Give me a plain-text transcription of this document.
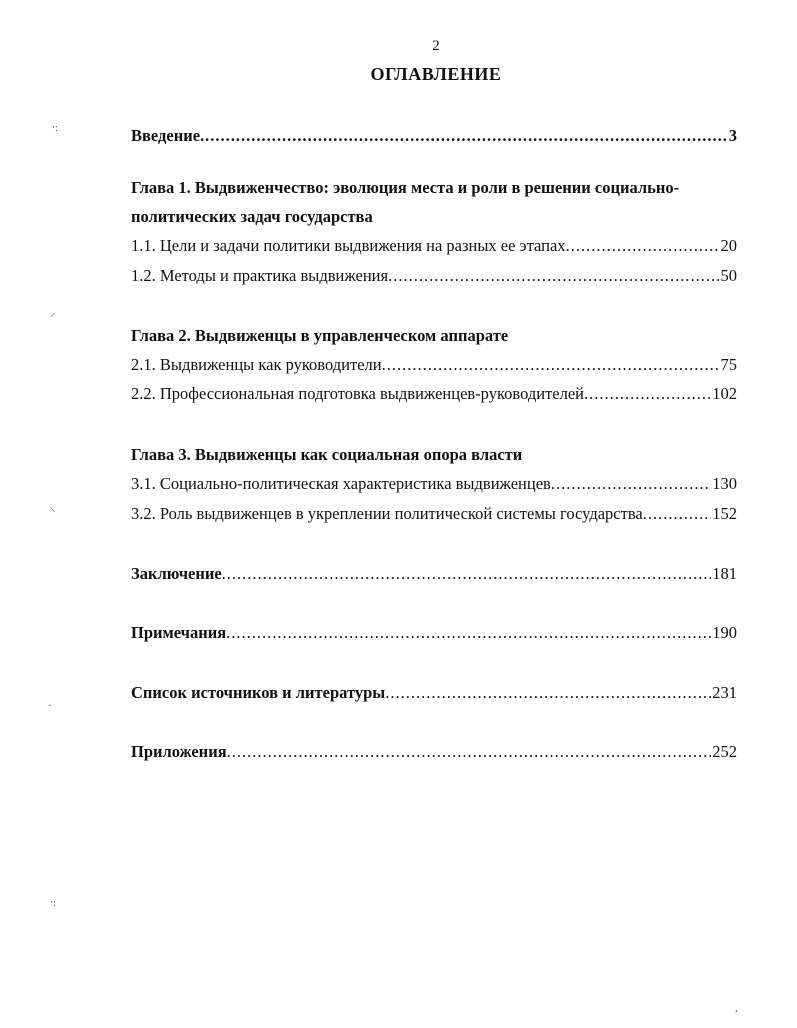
2
ОГЛАВЛЕНИЕ
Введение .....	3
Глава 1. Выдвиженчество: эволюция места и роли в решении социально-
политических задач государства
1.1. Цели и задачи политики выдвижения на разных ее этапах .....	20
1.2. Методы и практика выдвижения .....	50
Глава 2. Выдвиженцы в управленческом аппарате
2.1. Выдвиженцы как руководители .....	75
2.2. Профессиональная подготовка выдвиженцев-руководителей .....	102
Глава 3. Выдвиженцы как социальная опора власти
3.1. Социально-политическая характеристика выдвиженцев .....	130
3.2. Роль выдвиженцев в укреплении политической системы государства .....	152
Заключение .....	181
Примечания .....	190
Список источников и литературы .....	231
Приложения .....	252
⸱:
⸝
⸜
·
⸱:
,
